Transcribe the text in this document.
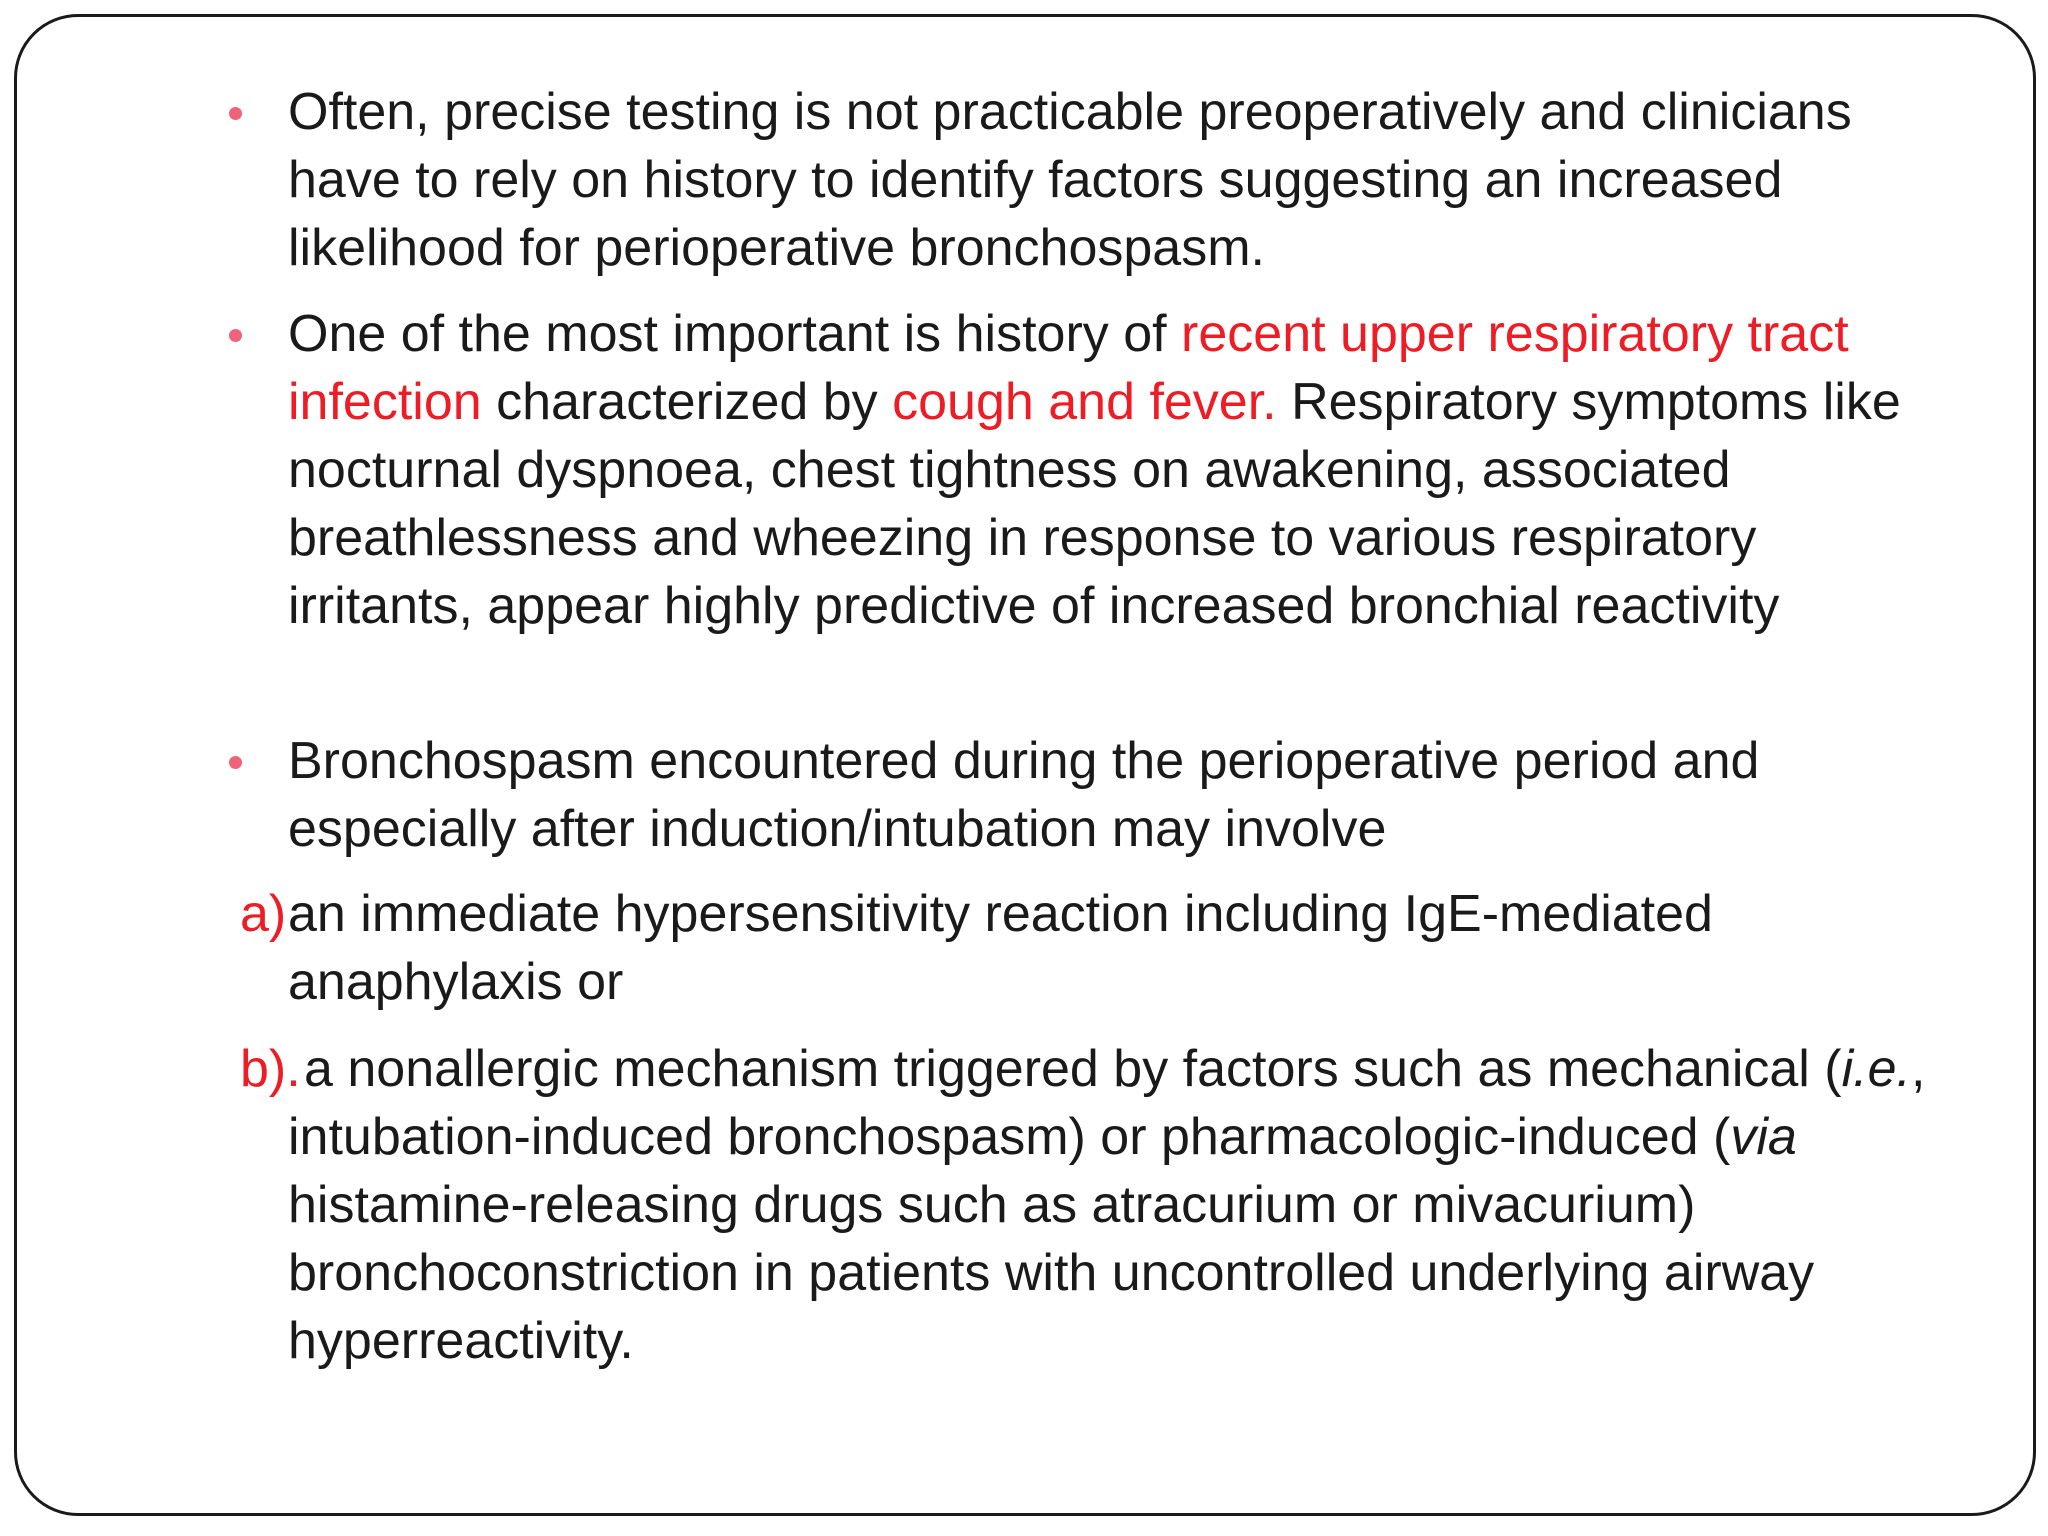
Often, precise testing is not practicable preoperatively and clinicians have to rely on history to identify factors suggesting an increased likelihood for perioperative bronchospasm.
One of the most important is history of recent upper respiratory tract infection characterized by cough and fever. Respiratory symptoms like nocturnal dyspnoea, chest tightness on awakening, associated breathlessness and wheezing in response to various respiratory irritants, appear highly predictive of increased bronchial reactivity
Bronchospasm encountered during the perioperative period and especially after induction/intubation may involve
a) an immediate hypersensitivity reaction including IgE-mediated anaphylaxis or
b). a nonallergic mechanism triggered by factors such as mechanical (i.e., intubation-induced bronchospasm) or pharmacologic-induced (via histamine-releasing drugs such as atracurium or mivacurium) bronchoconstriction in patients with uncontrolled underlying airway hyperreactivity.
